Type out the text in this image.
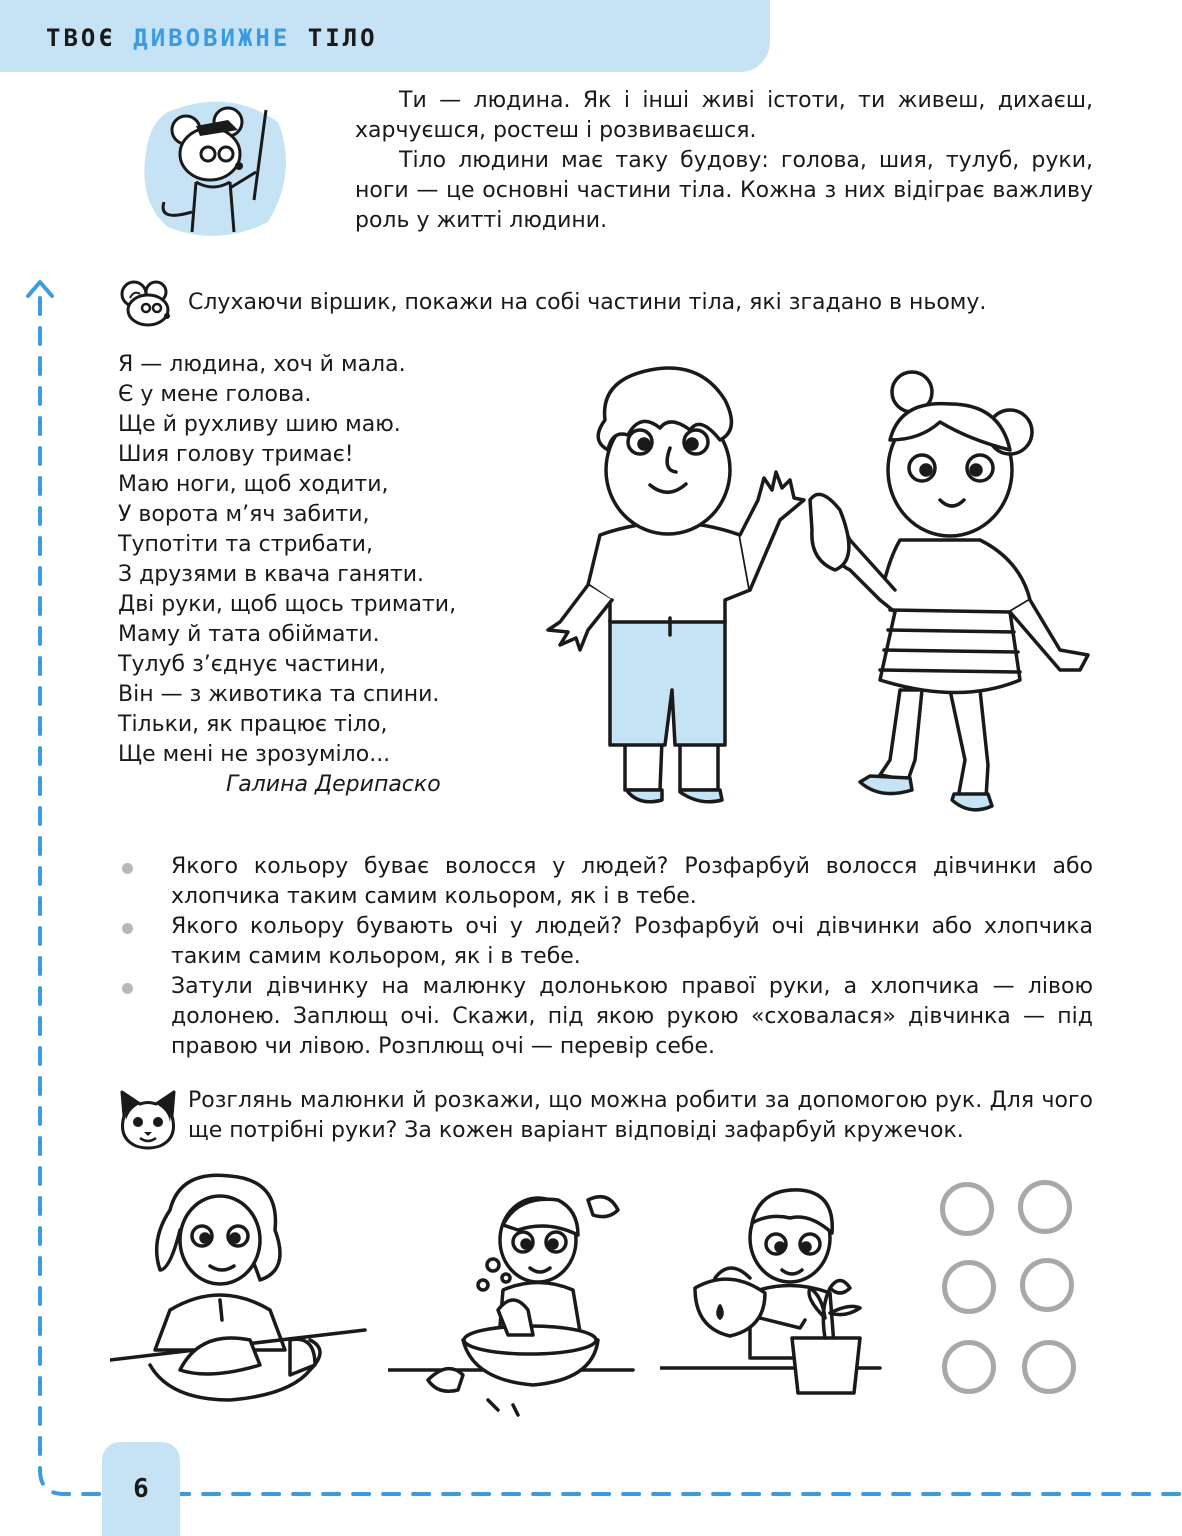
ТВОЄ ДИВОВИЖНЕ ТІЛО

Ти — людина. Як і інші живі істоти, ти живеш, дихаєш, харчуєшся, ростеш і розвиваєшся.

Тіло людини має таку будову: голова, шия, тулуб, руки, ноги — це основні частини тіла. Кожна з них відіграє важливу роль у житті людини.

Слухаючи віршик, покажи на собі частини тіла, які згадано в ньому.
Я — людина, хоч й мала.
Є у мене голова.
Ще й рухливу шию маю.
Шия голову тримає!
Маю ноги, щоб ходити,
У ворота м’яч забити,
Тупотіти та стрибати,
З друзями в квача ганяти.
Дві руки, щоб щось тримати,
Маму й тата обіймати.
Тулуб з’єднує частини,
Він — з животика та спини.
Тільки, як працює тіло,
Ще мені не зрозуміло...
Галина Дерипаско
Якого кольору буває волосся у людей? Розфарбуй волосся дівчинки або хлопчика таким самим кольором, як і в тебе.
Якого кольору бувають очі у людей? Розфарбуй очі дівчинки або хлопчика таким самим кольором, як і в тебе.
Затули дівчинку на малюнку долонькою правої руки, а хлопчика — лівою долонею. Заплющ очі. Скажи, під якою рукою «сховалася» дівчинка — під правою чи лівою. Розплющ очі — перевір себе.
Розглянь малюнки й розкажи, що можна робити за допомогою рук. Для чого ще потрібні руки? За кожен варіант відповіді зафарбуй кружечок.
6
